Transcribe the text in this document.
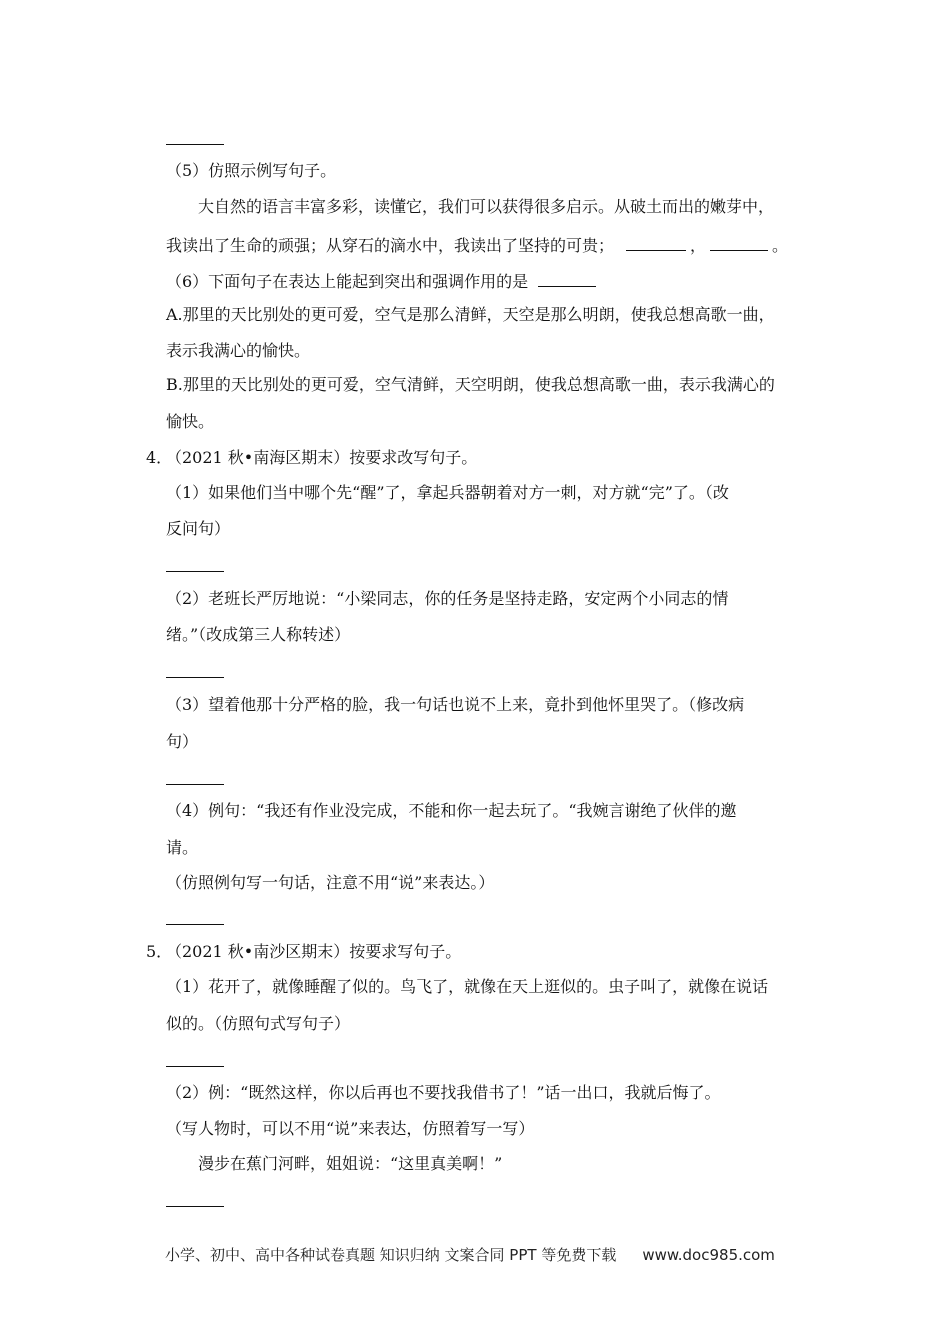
（5）仿照示例写句子。
大自然的语言丰富多彩，读懂它，我们可以获得很多启示。从破土而出的嫩芽中，
我读出了生命的顽强；从穿石的滴水中，我读出了坚持的可贵；	，	。
（6）下面句子在表达上能起到突出和强调作用的是
A.那里的天比别处的更可爱，空气是那么清鲜，天空是那么明朗，使我总想高歌一曲，
表示我满心的愉快。
B.那里的天比别处的更可爱，空气清鲜，天空明朗，使我总想高歌一曲，表示我满心的
愉快。
4．
（2021 秋•南海区期末）按要求改写句子。
（1）如果他们当中哪个先“醒”了，拿起兵器朝着对方一刺，对方就“完”了。（改
反问句）
（2）老班长严厉地说：“小梁同志，你的任务是坚持走路，安定两个小同志的情
绪。”（改成第三人称转述）
（3）望着他那十分严格的脸，我一句话也说不上来，竟扑到他怀里哭了。（修改病
句）
（4）例句：“我还有作业没完成，不能和你一起去玩了。“我婉言谢绝了伙伴的邀
请。
（仿照例句写一句话，注意不用“说”来表达。）
5．
（2021 秋•南沙区期末）按要求写句子。
（1）花开了，就像睡醒了似的。鸟飞了，就像在天上逛似的。虫子叫了，就像在说话
似的。（仿照句式写句子）
（2）例：“既然这样，你以后再也不要找我借书了！”话一出口，我就后悔了。
（写人物时，可以不用“说”来表达，仿照着写一写）
漫步在蕉门河畔，姐姐说：“这里真美啊！”
小学、初中、高中各种试卷真题 知识归纳 文案合同 PPT 等免费下载 www.doc985.com
